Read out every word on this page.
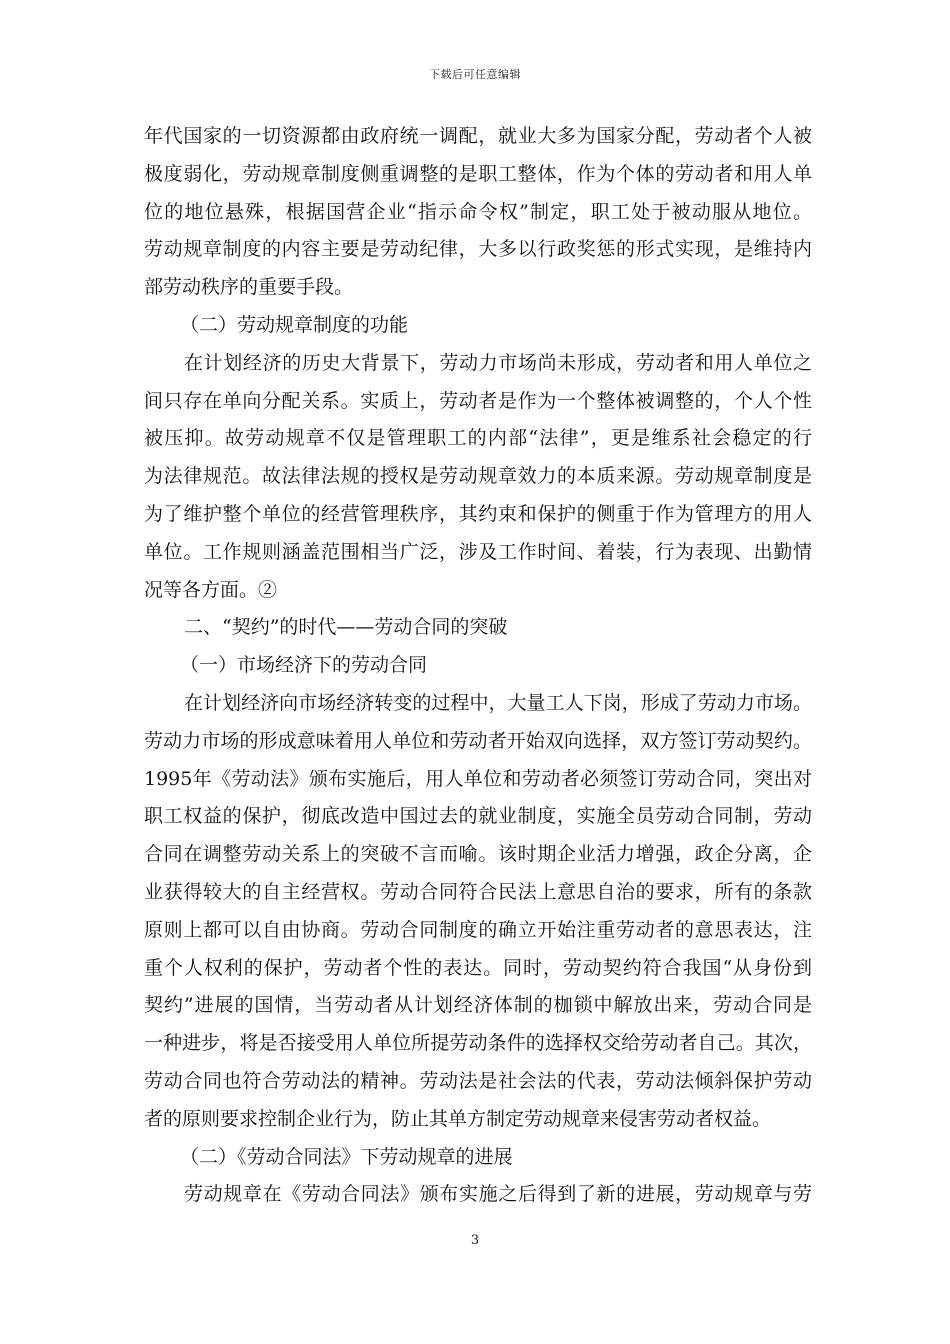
下载后可任意编辑
年代国家的一切资源都由政府统一调配，就业大多为国家分配，劳动者个人被
极度弱化，劳动规章制度侧重调整的是职工整体，作为个体的劳动者和用人单
位的地位悬殊，根据国营企业“指示命令权”制定，职工处于被动服从地位。
劳动规章制度的内容主要是劳动纪律，大多以行政奖惩的形式实现，是维持内
部劳动秩序的重要手段。
（二）劳动规章制度的功能
在计划经济的历史大背景下，劳动力市场尚未形成，劳动者和用人单位之
间只存在单向分配关系。实质上，劳动者是作为一个整体被调整的，个人个性
被压抑。故劳动规章不仅是管理职工的内部“法律”，更是维系社会稳定的行
为法律规范。故法律法规的授权是劳动规章效力的本质来源。劳动规章制度是
为了维护整个单位的经营管理秩序，其约束和保护的侧重于作为管理方的用人
单位。工作规则涵盖范围相当广泛，涉及工作时间、着装，行为表现、出勤情
况等各方面。②
二、“契约”的时代——劳动合同的突破
（一）市场经济下的劳动合同
在计划经济向市场经济转变的过程中，大量工人下岗，形成了劳动力市场。
劳动力市场的形成意味着用人单位和劳动者开始双向选择，双方签订劳动契约。
1995年《劳动法》颁布实施后，用人单位和劳动者必须签订劳动合同，突出对
职工权益的保护，彻底改造中国过去的就业制度，实施全员劳动合同制，劳动
合同在调整劳动关系上的突破不言而喻。该时期企业活力增强，政企分离，企
业获得较大的自主经营权。劳动合同符合民法上意思自治的要求，所有的条款
原则上都可以自由协商。劳动合同制度的确立开始注重劳动者的意思表达，注
重个人权利的保护，劳动者个性的表达。同时，劳动契约符合我国“从身份到
契约”进展的国情，当劳动者从计划经济体制的枷锁中解放出来，劳动合同是
一种进步，将是否接受用人单位所提劳动条件的选择权交给劳动者自己。其次，
劳动合同也符合劳动法的精神。劳动法是社会法的代表，劳动法倾斜保护劳动
者的原则要求控制企业行为，防止其单方制定劳动规章来侵害劳动者权益。
（二）《劳动合同法》下劳动规章的进展
劳动规章在《劳动合同法》颁布实施之后得到了新的进展，劳动规章与劳
3
